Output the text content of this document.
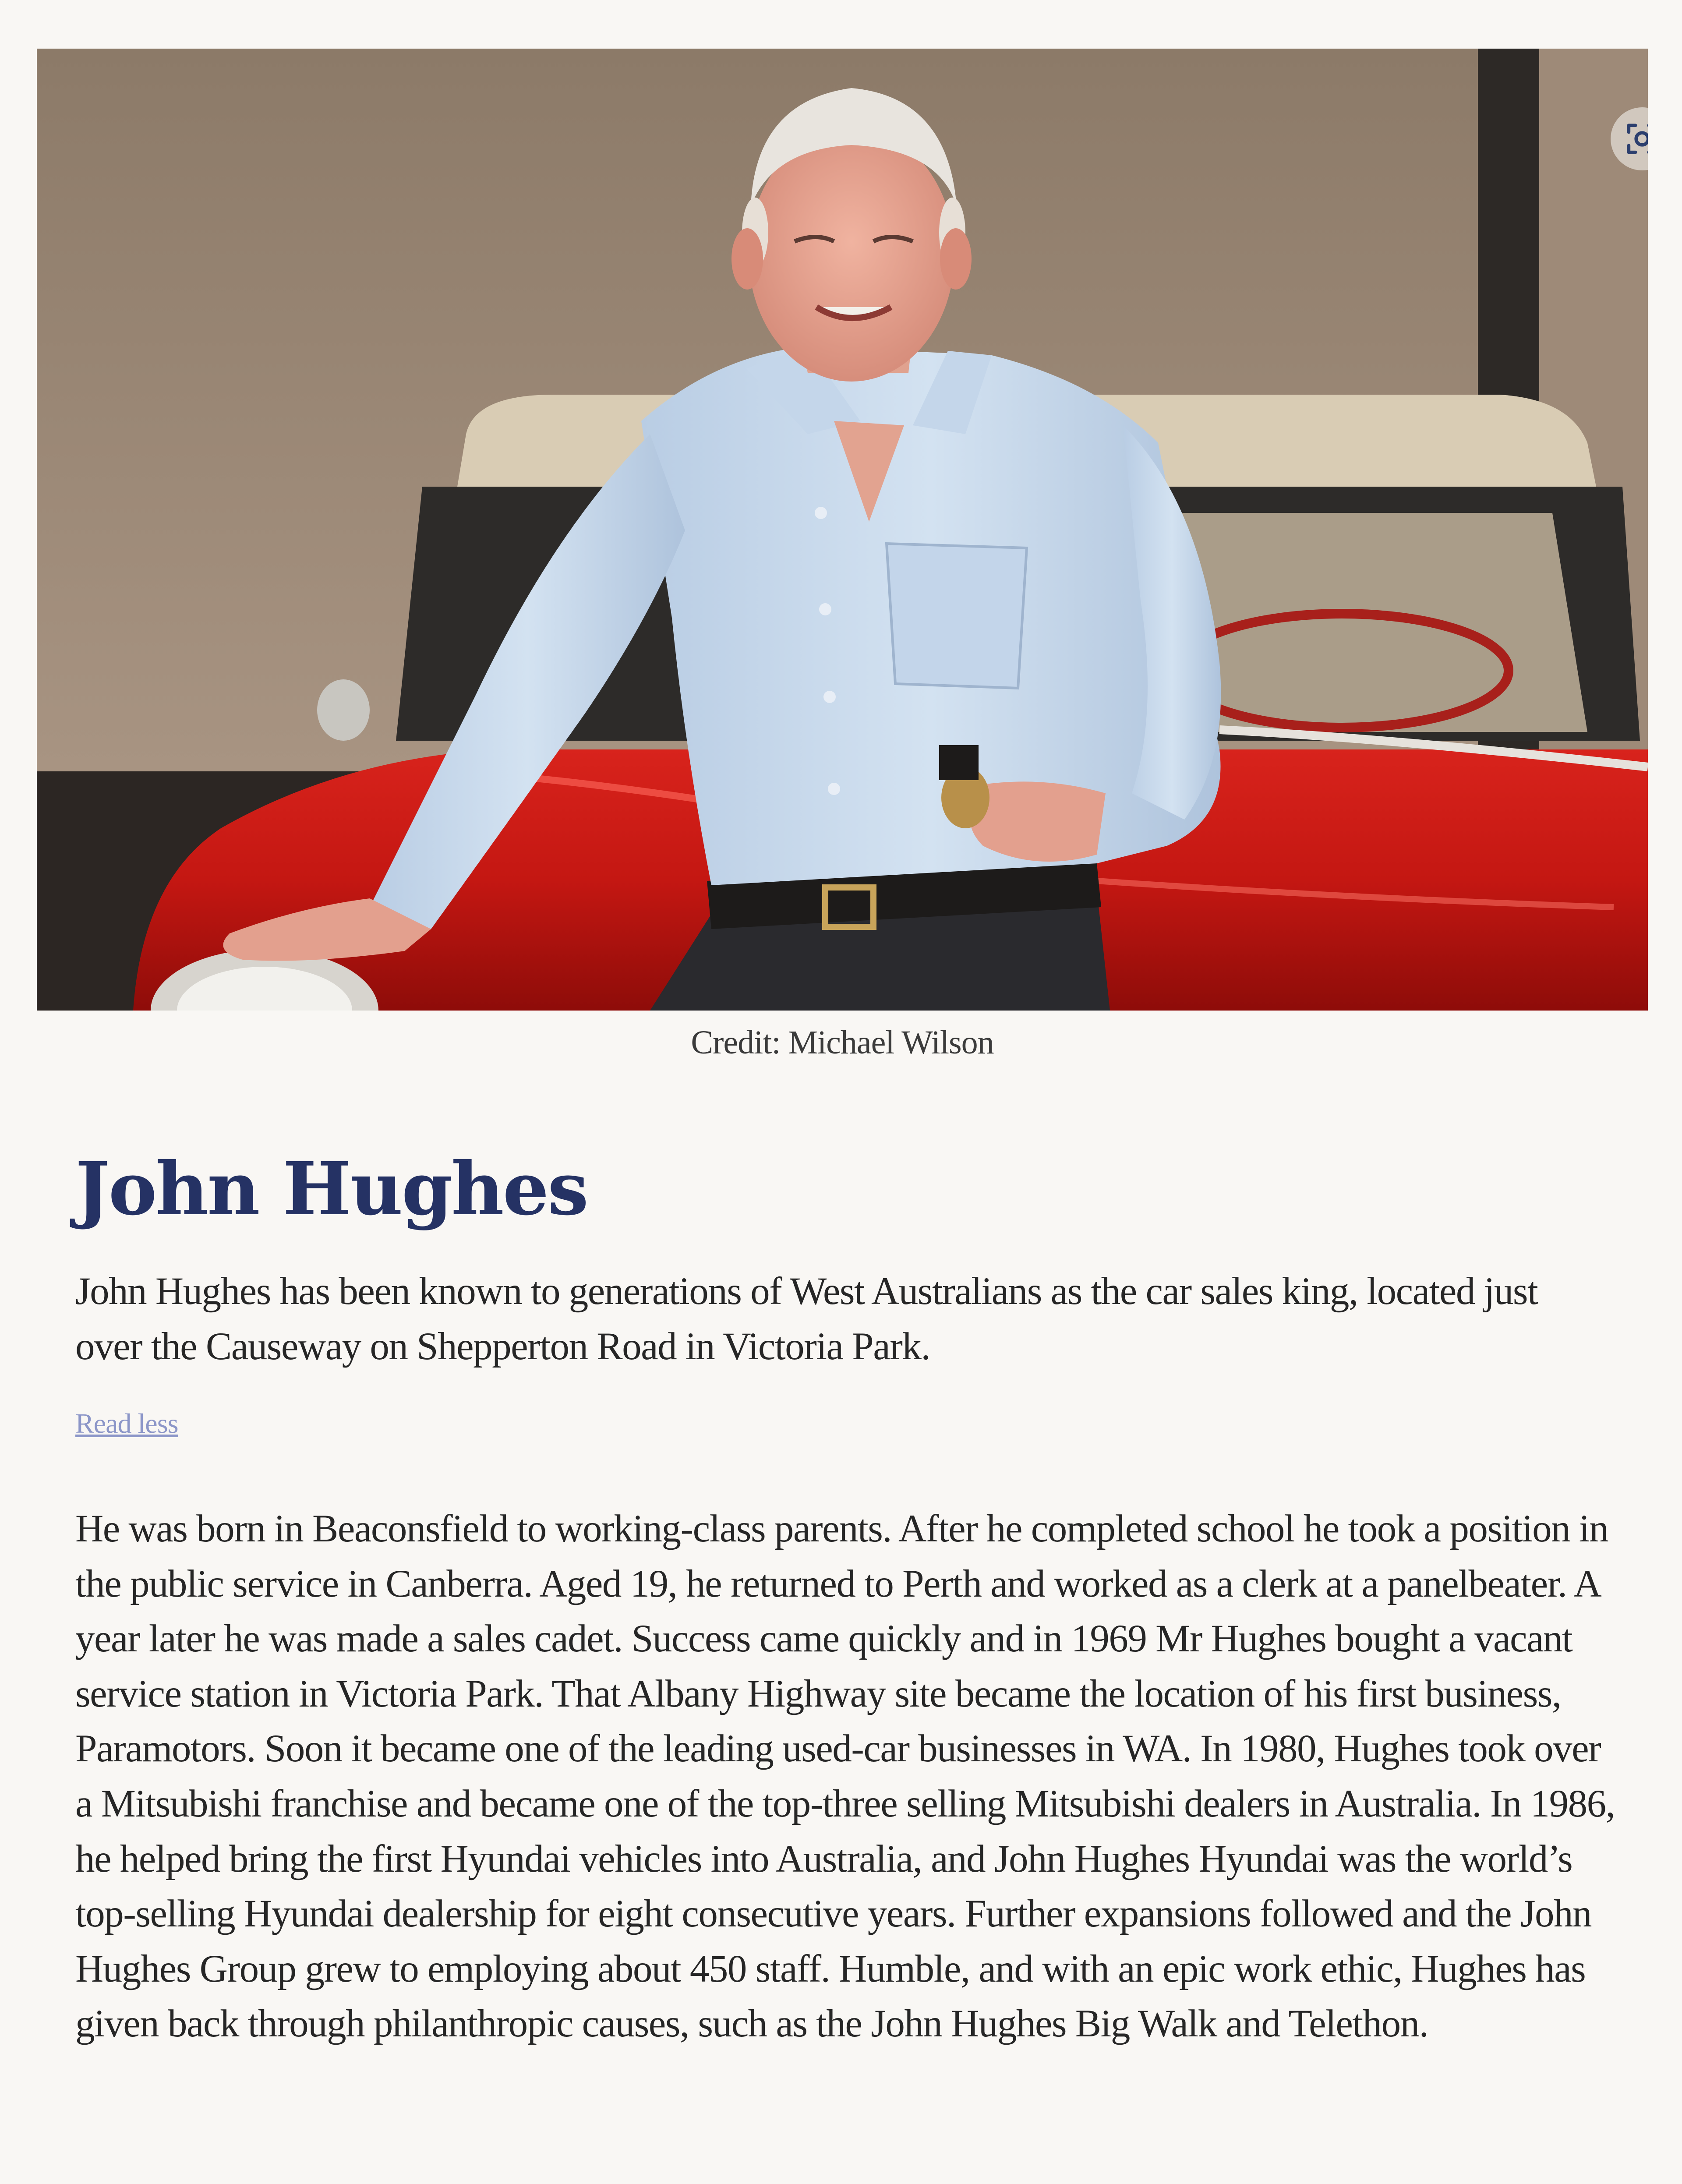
Credit: Michael Wilson
John Hughes

John Hughes has been known to generations of West Australians as the car sales king, located just over the Causeway on Shepperton Road in Victoria Park.

Read less

He was born in Beaconsfield to working-class parents. After he completed school he took a position in the public service in Canberra. Aged 19, he returned to Perth and worked as a clerk at a panelbeater. A year later he was made a sales cadet. Success came quickly and in 1969 Mr Hughes bought a vacant service station in Victoria Park. That Albany Highway site became the location of his first business, Paramotors. Soon it became one of the leading used-car businesses in WA. In 1980, Hughes took over a Mitsubishi franchise and became one of the top-three selling Mitsubishi dealers in Australia. In 1986, he helped bring the first Hyundai vehicles into Australia, and John Hughes Hyundai was the world’s top-selling Hyundai dealership for eight consecutive years. Further expansions followed and the John Hughes Group grew to employing about 450 staff. Humble, and with an epic work ethic, Hughes has given back through philanthropic causes, such as the John Hughes Big Walk and Telethon.
